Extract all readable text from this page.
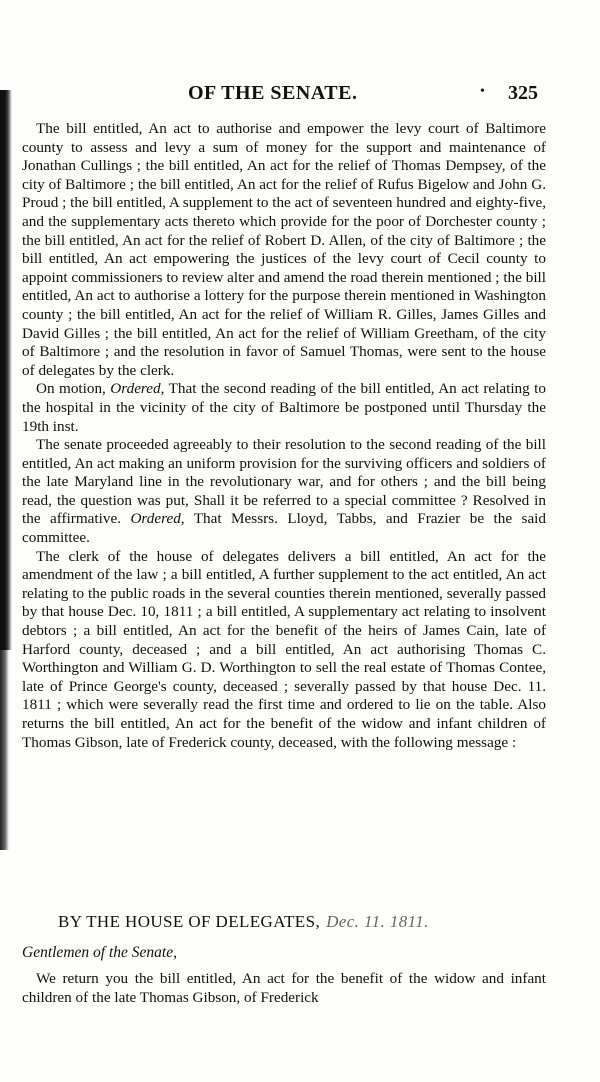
OF THE SENATE.	• 325

The bill entitled, An act to authorise and empower the levy court of Baltimore county to assess and levy a sum of money for the support and maintenance of Jonathan Cullings ; the bill entitled, An act for the relief of Thomas Dempsey, of the city of Baltimore ; the bill entitled, An act for the relief of Rufus Bigelow and John G. Proud ; the bill entitled, A supplement to the act of seventeen hundred and eighty-five, and the supplementary acts thereto which provide for the poor of Dorchester county ; the bill entitled, An act for the relief of Robert D. Allen, of the city of Baltimore ; the bill entitled, An act empowering the justices of the levy court of Cecil county to appoint commissioners to review alter and amend the road therein mentioned ; the bill entitled, An act to authorise a lottery for the purpose therein mentioned in Washington county ; the bill entitled, An act for the relief of William R. Gilles, James Gilles and David Gilles ; the bill entitled, An act for the relief of William Greetham, of the city of Baltimore ; and the resolution in favor of Samuel Thomas, were sent to the house of delegates by the clerk.

On motion, Ordered, That the second reading of the bill entitled, An act relating to the hospital in the vicinity of the city of Baltimore be postponed until Thursday the 19th inst.

The senate proceeded agreeably to their resolution to the second reading of the bill entitled, An act making an uniform provision for the surviving officers and soldiers of the late Maryland line in the revolutionary war, and for others ; and the bill being read, the question was put, Shall it be referred to a special committee ? Resolved in the affirmative. Ordered, That Messrs. Lloyd, Tabbs, and Frazier be the said committee.

The clerk of the house of delegates delivers a bill entitled, An act for the amendment of the law ; a bill entitled, A further supplement to the act entitled, An act relating to the public roads in the several counties therein mentioned, severally passed by that house Dec. 10, 1811 ; a bill entitled, A supplementary act relating to insolvent debtors ; a bill entitled, An act for the benefit of the heirs of James Cain, late of Harford county, deceased ; and a bill entitled, An act authorising Thomas C. Worthington and William G. D. Worthington to sell the real estate of Thomas Contee, late of Prince George's county, deceased ; severally passed by that house Dec. 11. 1811 ; which were severally read the first time and ordered to lie on the table. Also returns the bill entitled, An act for the benefit of the widow and infant children of Thomas Gibson, late of Frederick county, deceased, with the following message :

BY THE HOUSE OF DELEGATES, Dec. 11. 1811.
Gentlemen of the Senate,
We return you the bill entitled, An act for the benefit of the widow and infant children of the late Thomas Gibson, of Frederick
